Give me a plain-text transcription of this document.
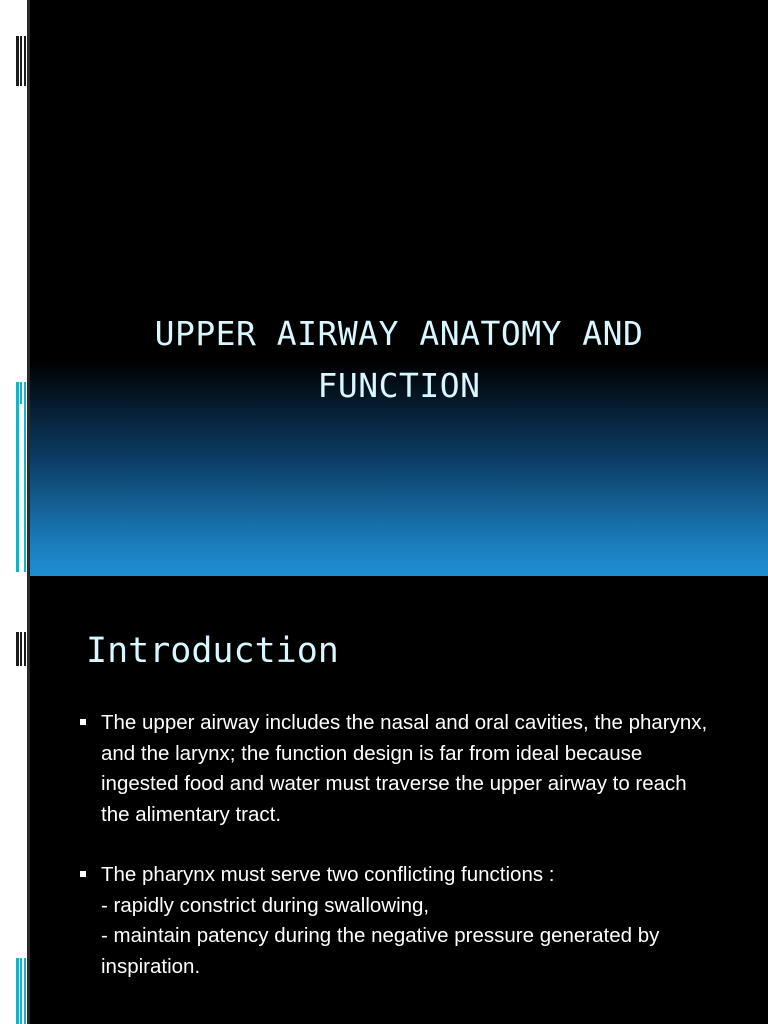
UPPER AIRWAY ANATOMY AND
FUNCTION
Introduction
The upper airway includes the nasal and oral cavities, the pharynx, and the larynx; the function design is far from ideal because ingested food and water must traverse the upper airway to reach the alimentary tract.
The pharynx must serve two conflicting functions :
- rapidly constrict during swallowing,
- maintain patency during the negative pressure generated by inspiration.
